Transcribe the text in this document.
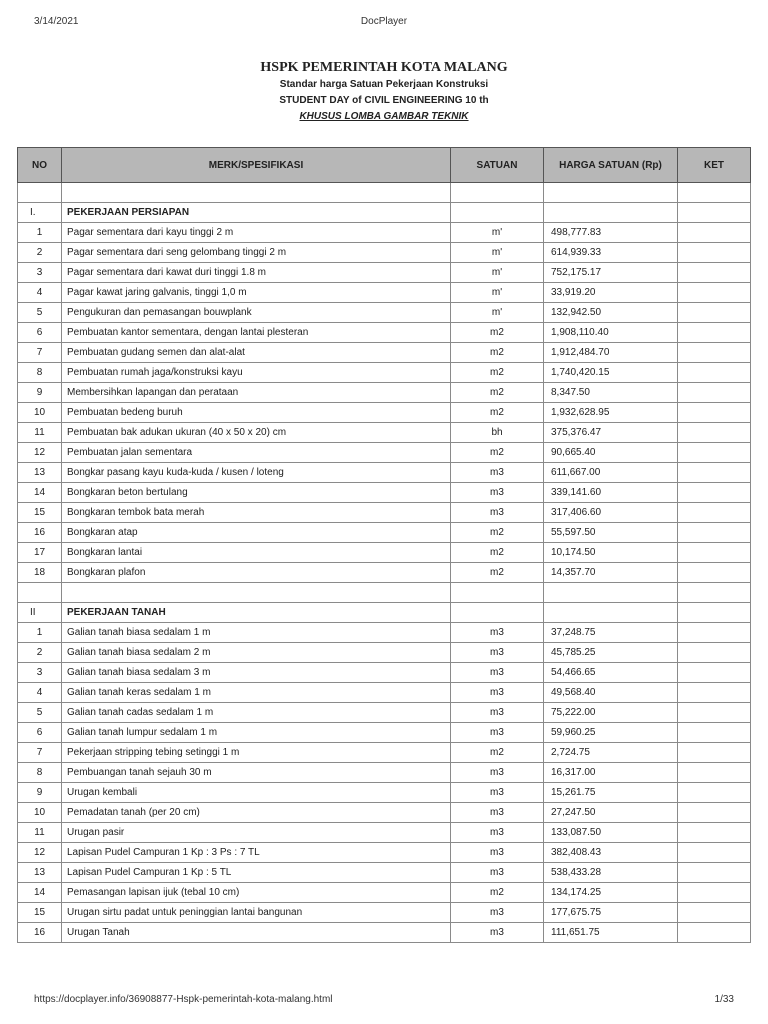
3/14/2021	DocPlayer
HSPK PEMERINTAH KOTA MALANG
Standar harga Satuan Pekerjaan Konstruksi
STUDENT DAY of CIVIL ENGINEERING 10 th
KHUSUS LOMBA GAMBAR TEKNIK
NO	MERK/SPESIFIKASI	SATUAN	HARGA SATUAN (Rp)	KET

I.	PEKERJAAN PERSIAPAN			
1	Pagar sementara dari kayu tinggi 2 m	m'	498,777.83	
2	Pagar sementara dari seng gelombang tinggi 2 m	m'	614,939.33	
3	Pagar sementara dari kawat duri tinggi 1.8 m	m'	752,175.17	
4	Pagar kawat jaring galvanis, tinggi 1,0 m	m'	33,919.20	
5	Pengukuran dan pemasangan bouwplank	m'	132,942.50	
6	Pembuatan kantor sementara, dengan lantai plesteran	m2	1,908,110.40	
7	Pembuatan gudang semen dan alat-alat	m2	1,912,484.70	
8	Pembuatan rumah jaga/konstruksi kayu	m2	1,740,420.15	
9	Membersihkan lapangan dan perataan	m2	8,347.50	
10	Pembuatan bedeng buruh	m2	1,932,628.95	
11	Pembuatan bak adukan ukuran (40 x 50 x 20) cm	bh	375,376.47	
12	Pembuatan jalan sementara	m2	90,665.40	
13	Bongkar pasang kayu kuda-kuda / kusen / loteng	m3	611,667.00	
14	Bongkaran beton bertulang	m3	339,141.60	
15	Bongkaran tembok bata merah	m3	317,406.60	
16	Bongkaran atap	m2	55,597.50	
17	Bongkaran lantai	m2	10,174.50	
18	Bongkaran plafon	m2	14,357.70	

II	PEKERJAAN TANAH			
1	Galian tanah biasa sedalam 1 m	m3	37,248.75	
2	Galian tanah biasa sedalam 2 m	m3	45,785.25	
3	Galian tanah biasa sedalam 3 m	m3	54,466.65	
4	Galian tanah keras sedalam 1 m	m3	49,568.40	
5	Galian tanah cadas sedalam 1 m	m3	75,222.00	
6	Galian tanah lumpur sedalam 1 m	m3	59,960.25	
7	Pekerjaan stripping tebing setinggi 1 m	m2	2,724.75	
8	Pembuangan tanah sejauh 30 m	m3	16,317.00	
9	Urugan kembali	m3	15,261.75	
10	Pemadatan tanah (per 20 cm)	m3	27,247.50	
11	Urugan pasir	m3	133,087.50	
12	Lapisan Pudel Campuran 1 Kp : 3 Ps : 7 TL	m3	382,408.43	
13	Lapisan Pudel Campuran 1 Kp : 5 TL	m3	538,433.28	
14	Pemasangan lapisan ijuk (tebal 10 cm)	m2	134,174.25	
15	Urugan sirtu padat untuk peninggian lantai bangunan	m3	177,675.75	
16	Urugan Tanah	m3	111,651.75	
https://docplayer.info/36908877-Hspk-pemerintah-kota-malang.html	1/33
